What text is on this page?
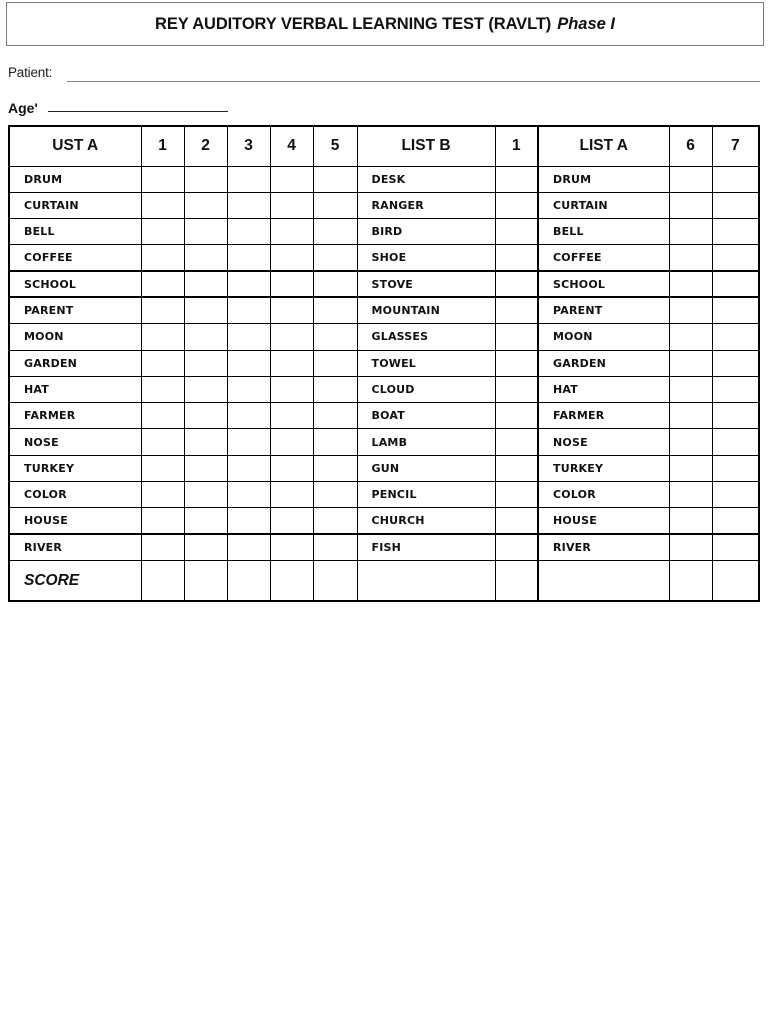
REY AUDITORY VERBAL LEARNING TEST (RAVLT) Phase I
Patient:
Age'
UST A	1	2	3	4	5	LIST B	1	LIST A	6	7
DRUM						DESK		DRUM		
CURTAIN						RANGER		CURTAIN		
BELL						BIRD		BELL		
COFFEE						SHOE		COFFEE		
SCHOOL						STOVE		SCHOOL		
PARENT						MOUNTAIN		PARENT		
MOON						GLASSES		MOON		
GARDEN						TOWEL		GARDEN		
HAT						CLOUD		HAT		
FARMER						BOAT		FARMER		
NOSE						LAMB		NOSE		
TURKEY						GUN		TURKEY		
COLOR						PENCIL		COLOR		
HOUSE						CHURCH		HOUSE		
RIVER						FISH		RIVER		
SCORE										
